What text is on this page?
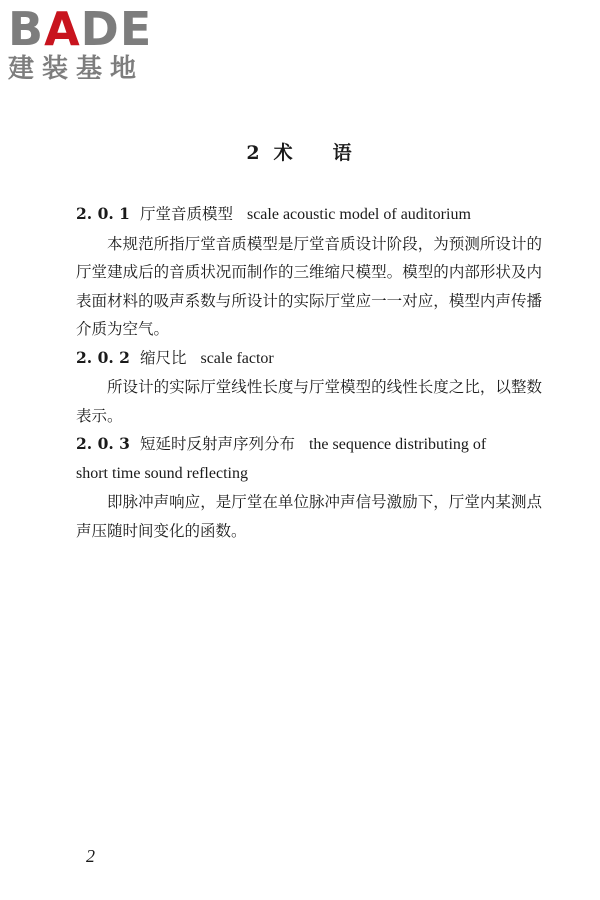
BADE
建装基地
2 术 语

2. 0. 1 厅堂音质模型 scale acoustic model of auditorium

本规范所指厅堂音质模型是厅堂音质设计阶段，为预测所设计的厅堂建成后的音质状况而制作的三维缩尺模型。模型的内部形状及内表面材料的吸声系数与所设计的实际厅堂应一一对应，模型内声传播介质为空气。

2. 0. 2 缩尺比 scale factor

所设计的实际厅堂线性长度与厅堂模型的线性长度之比，以整数表示。

2. 0. 3 短延时反射声序列分布 the sequence distributing of

short time sound reflecting

即脉冲声响应，是厅堂在单位脉冲声信号激励下，厅堂内某测点声压随时间变化的函数。

2
